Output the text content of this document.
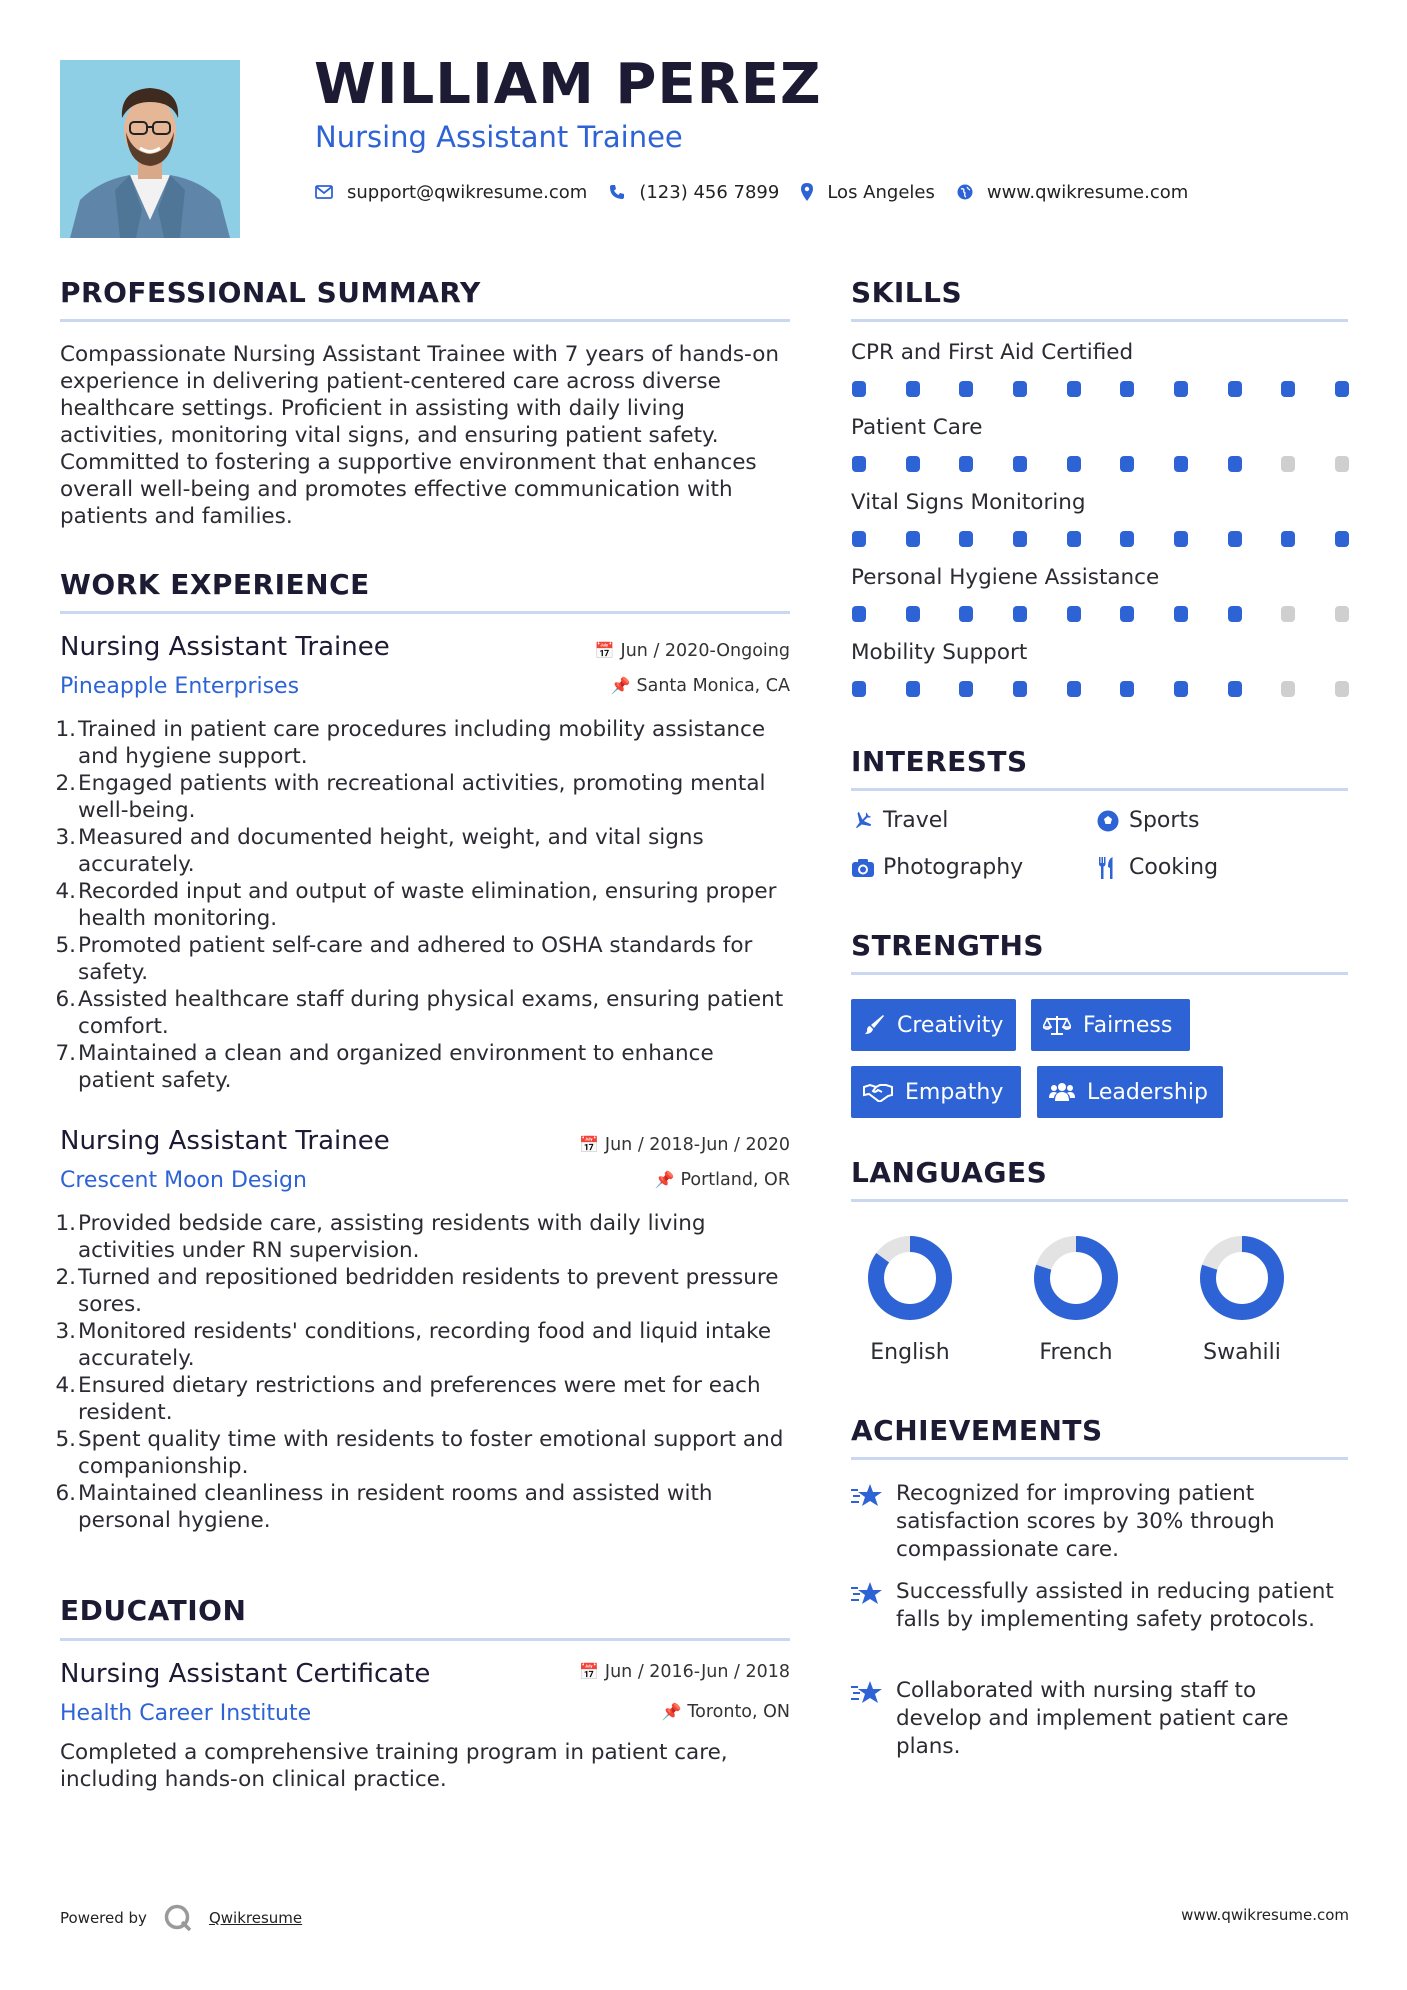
WILLIAM PEREZ
Nursing Assistant Trainee
support@qwikresume.com	(123) 456 7899	Los Angeles	www.qwikresume.com
PROFESSIONAL SUMMARY
Compassionate Nursing Assistant Trainee with 7 years of hands-on experience in delivering patient-centered care across diverse healthcare settings. Proficient in assisting with daily living activities, monitoring vital signs, and ensuring patient safety. Committed to fostering a supportive environment that enhances overall well-being and promotes effective communication with patients and families.
WORK EXPERIENCE
Nursing Assistant Trainee	📅 Jun / 2020-Ongoing
Pineapple Enterprises	📌 Santa Monica, CA
1. Trained in patient care procedures including mobility assistance and hygiene support.
2. Engaged patients with recreational activities, promoting mental well-being.
3. Measured and documented height, weight, and vital signs accurately.
4. Recorded input and output of waste elimination, ensuring proper health monitoring.
5. Promoted patient self-care and adhered to OSHA standards for safety.
6. Assisted healthcare staff during physical exams, ensuring patient comfort.
7. Maintained a clean and organized environment to enhance patient safety.
Nursing Assistant Trainee	📅 Jun / 2018-Jun / 2020
Crescent Moon Design	📌 Portland, OR
1. Provided bedside care, assisting residents with daily living activities under RN supervision.
2. Turned and repositioned bedridden residents to prevent pressure sores.
3. Monitored residents' conditions, recording food and liquid intake accurately.
4. Ensured dietary restrictions and preferences were met for each resident.
5. Spent quality time with residents to foster emotional support and companionship.
6. Maintained cleanliness in resident rooms and assisted with personal hygiene.
EDUCATION
Nursing Assistant Certificate	📅 Jun / 2016-Jun / 2018
Health Career Institute	📌 Toronto, ON
Completed a comprehensive training program in patient care, including hands-on clinical practice.
SKILLS
CPR and First Aid Certified
Patient Care
Vital Signs Monitoring
Personal Hygiene Assistance
Mobility Support
INTERESTS
Travel	Sports
Photography	Cooking
STRENGTHS
Creativity	Fairness
Empathy	Leadership
LANGUAGES
English	French	Swahili
ACHIEVEMENTS
Recognized for improving patient satisfaction scores by 30% through compassionate care.
Successfully assisted in reducing patient falls by implementing safety protocols.
Collaborated with nursing staff to develop and implement patient care plans.
Powered by	Qwikresume	www.qwikresume.com
